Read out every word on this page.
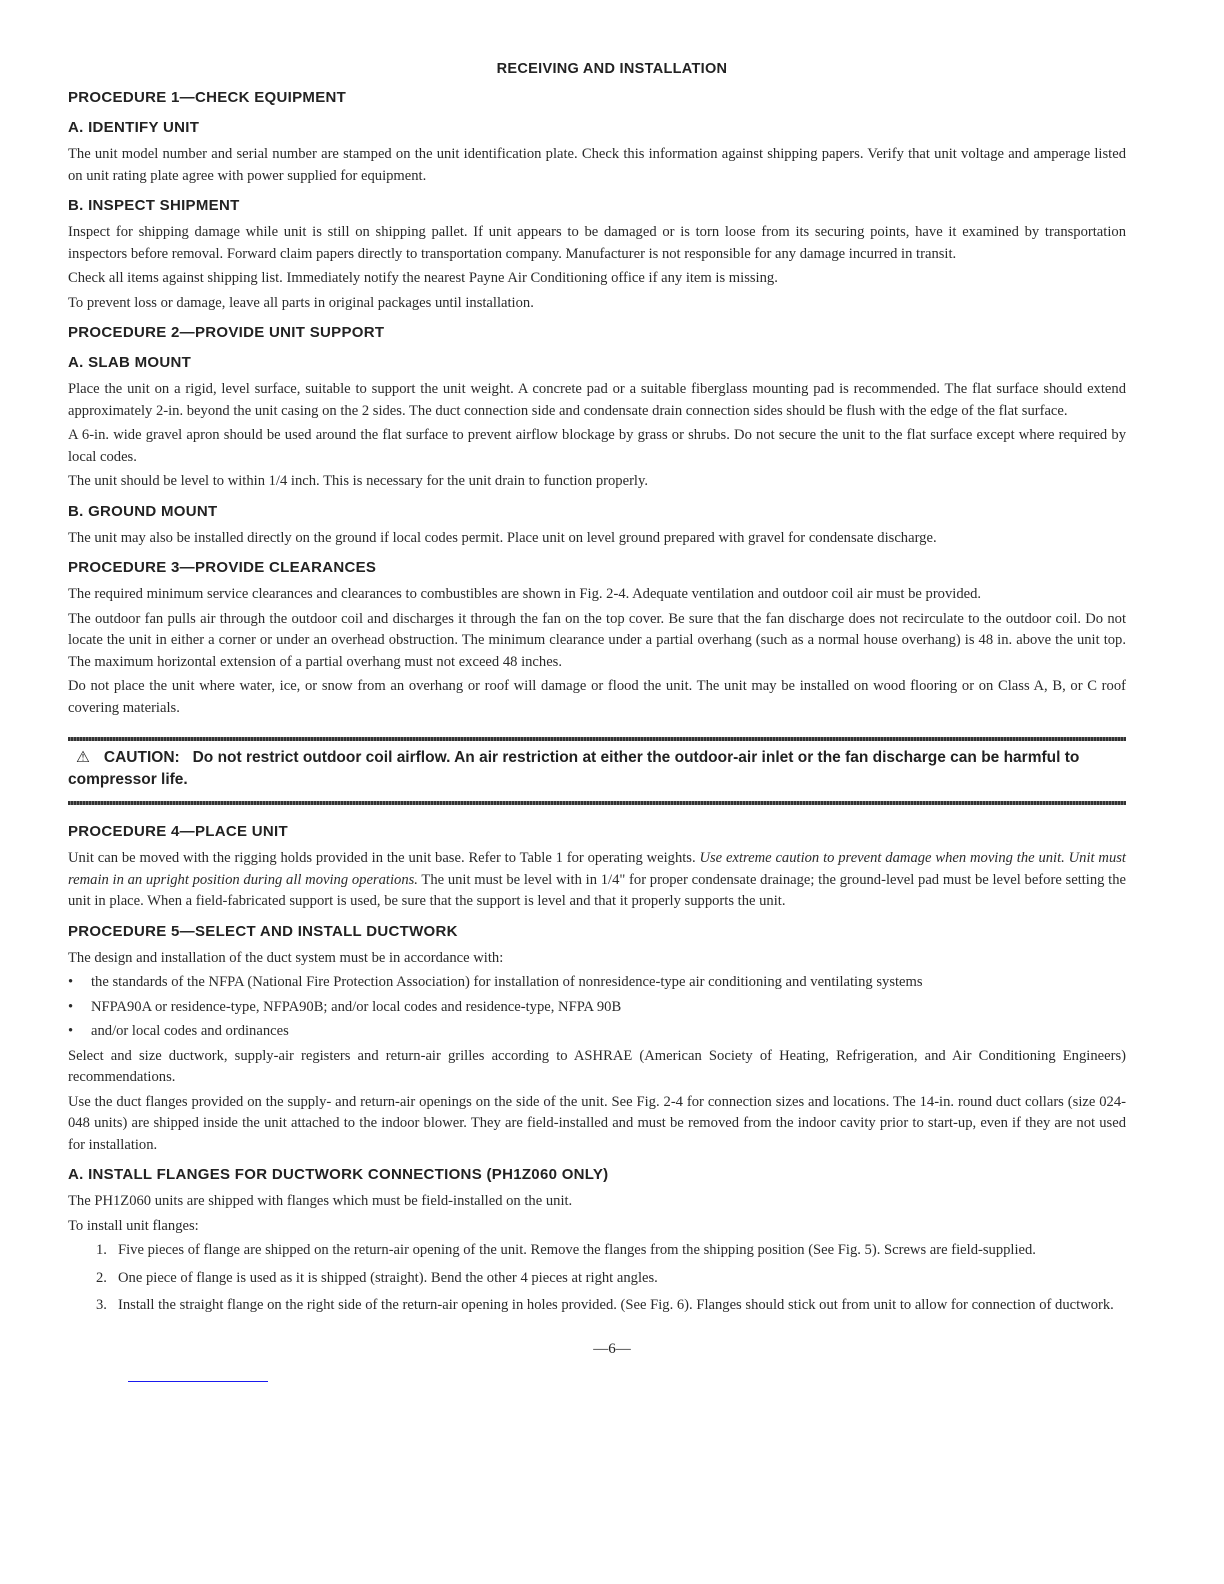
RECEIVING AND INSTALLATION
PROCEDURE 1—CHECK EQUIPMENT
A. IDENTIFY UNIT
The unit model number and serial number are stamped on the unit identification plate. Check this information against shipping papers. Verify that unit voltage and amperage listed on unit rating plate agree with power supplied for equipment.
B. INSPECT SHIPMENT
Inspect for shipping damage while unit is still on shipping pallet. If unit appears to be damaged or is torn loose from its securing points, have it examined by transportation inspectors before removal. Forward claim papers directly to transportation company. Manufacturer is not responsible for any damage incurred in transit.
Check all items against shipping list. Immediately notify the nearest Payne Air Conditioning office if any item is missing.
To prevent loss or damage, leave all parts in original packages until installation.
PROCEDURE 2—PROVIDE UNIT SUPPORT
A. SLAB MOUNT
Place the unit on a rigid, level surface, suitable to support the unit weight. A concrete pad or a suitable fiberglass mounting pad is recommended. The flat surface should extend approximately 2-in. beyond the unit casing on the 2 sides. The duct connection side and condensate drain connection sides should be flush with the edge of the flat surface.
A 6-in. wide gravel apron should be used around the flat surface to prevent airflow blockage by grass or shrubs. Do not secure the unit to the flat surface except where required by local codes.
The unit should be level to within 1/4 inch. This is necessary for the unit drain to function properly.
B. GROUND MOUNT
The unit may also be installed directly on the ground if local codes permit. Place unit on level ground prepared with gravel for condensate discharge.
PROCEDURE 3—PROVIDE CLEARANCES
The required minimum service clearances and clearances to combustibles are shown in Fig. 2-4. Adequate ventilation and outdoor coil air must be provided.
The outdoor fan pulls air through the outdoor coil and discharges it through the fan on the top cover. Be sure that the fan discharge does not recirculate to the outdoor coil. Do not locate the unit in either a corner or under an overhead obstruction. The minimum clearance under a partial overhang (such as a normal house overhang) is 48 in. above the unit top. The maximum horizontal extension of a partial overhang must not exceed 48 inches.
Do not place the unit where water, ice, or snow from an overhang or roof will damage or flood the unit. The unit may be installed on wood flooring or on Class A, B, or C roof covering materials.
⚠ CAUTION: Do not restrict outdoor coil airflow. An air restriction at either the outdoor-air inlet or the fan discharge can be harmful to compressor life.
PROCEDURE 4—PLACE UNIT
Unit can be moved with the rigging holds provided in the unit base. Refer to Table 1 for operating weights. Use extreme caution to prevent damage when moving the unit. Unit must remain in an upright position during all moving operations. The unit must be level with in 1/4" for proper condensate drainage; the ground-level pad must be level before setting the unit in place. When a field-fabricated support is used, be sure that the support is level and that it properly supports the unit.
PROCEDURE 5—SELECT AND INSTALL DUCTWORK
The design and installation of the duct system must be in accordance with:
• the standards of the NFPA (National Fire Protection Association) for installation of nonresidence-type air conditioning and ventilating systems
• NFPA90A or residence-type, NFPA90B; and/or local codes and residence-type, NFPA 90B
• and/or local codes and ordinances
Select and size ductwork, supply-air registers and return-air grilles according to ASHRAE (American Society of Heating, Refrigeration, and Air Conditioning Engineers) recommendations.
Use the duct flanges provided on the supply- and return-air openings on the side of the unit. See Fig. 2-4 for connection sizes and locations. The 14-in. round duct collars (size 024-048 units) are shipped inside the unit attached to the indoor blower. They are field-installed and must be removed from the indoor cavity prior to start-up, even if they are not used for installation.
A. INSTALL FLANGES FOR DUCTWORK CONNECTIONS (PH1Z060 ONLY)
The PH1Z060 units are shipped with flanges which must be field-installed on the unit.
To install unit flanges:
1. Five pieces of flange are shipped on the return-air opening of the unit. Remove the flanges from the shipping position (See Fig. 5). Screws are field-supplied.
2. One piece of flange is used as it is shipped (straight). Bend the other 4 pieces at right angles.
3. Install the straight flange on the right side of the return-air opening in holes provided. (See Fig. 6). Flanges should stick out from unit to allow for connection of ductwork.
—6—
